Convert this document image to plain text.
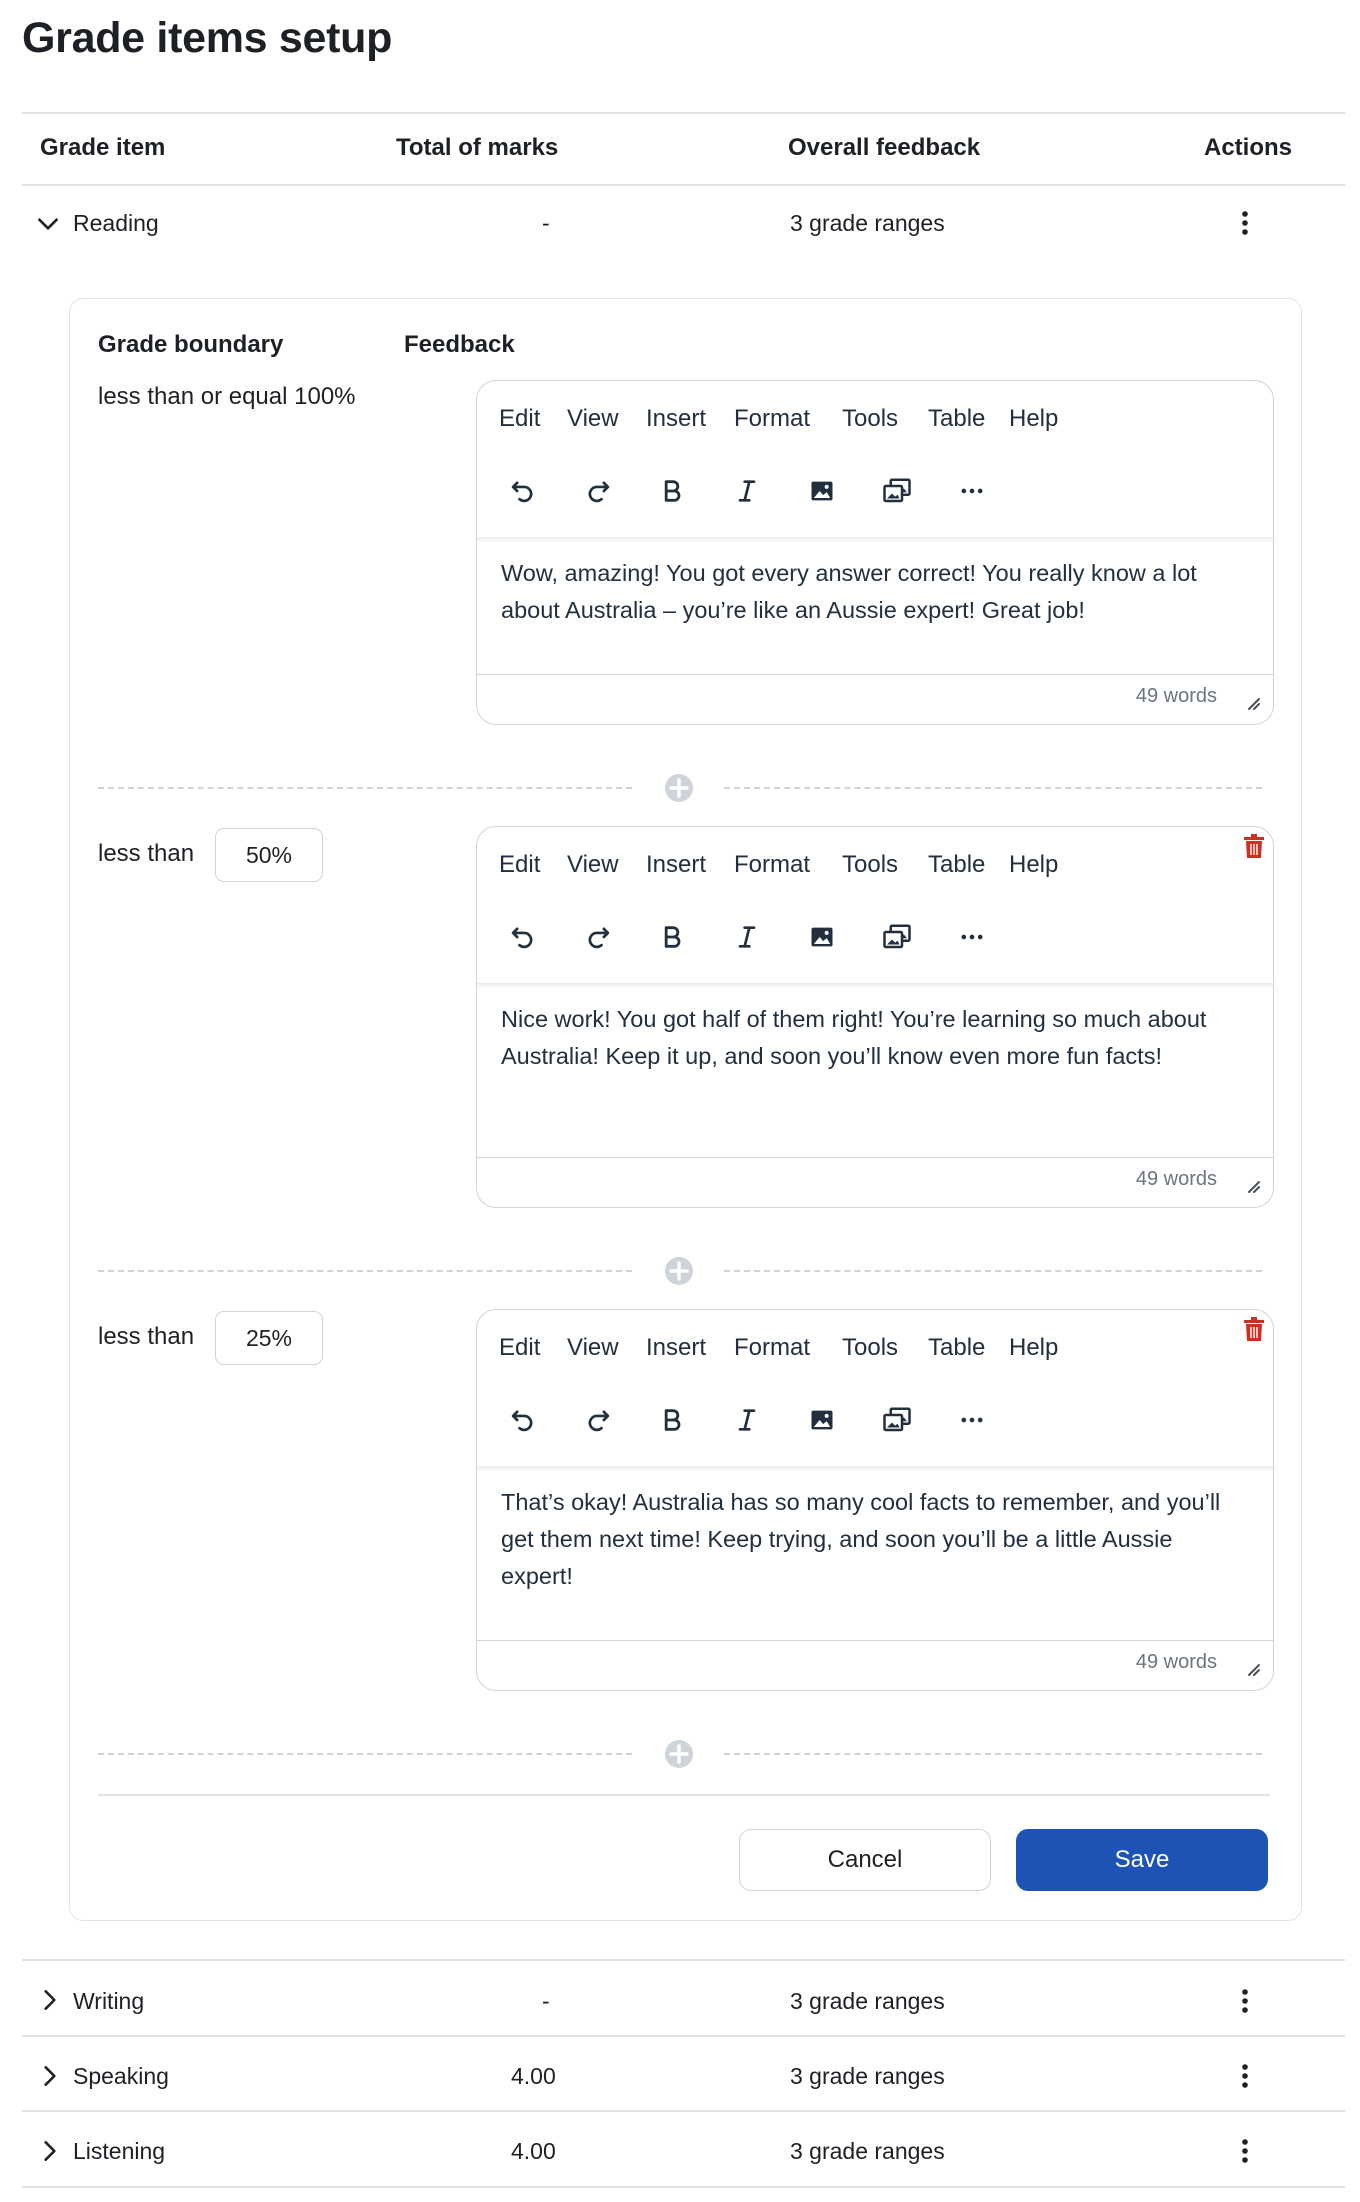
Grade items setup
Grade item	Total of marks	Overall feedback	Actions
Reading	-	3 grade ranges
Grade boundary	Feedback
less than or equal 100%
Edit View Insert Format Tools Table Help
Wow, amazing! You got every answer correct! You really know a lot about Australia – you’re like an Aussie expert! Great job!
49 words
less than	50%	Edit View Insert Format Tools Table Help
Nice work! You got half of them right! You’re learning so much about Australia! Keep it up, and soon you’ll know even more fun facts!
49 words
less than	25%	Edit View Insert Format Tools Table Help
That’s okay! Australia has so many cool facts to remember, and you’ll get them next time! Keep trying, and soon you’ll be a little Aussie expert!
49 words
Cancel	Save
Writing	-	3 grade ranges
Speaking	4.00	3 grade ranges
Listening	4.00	3 grade ranges
